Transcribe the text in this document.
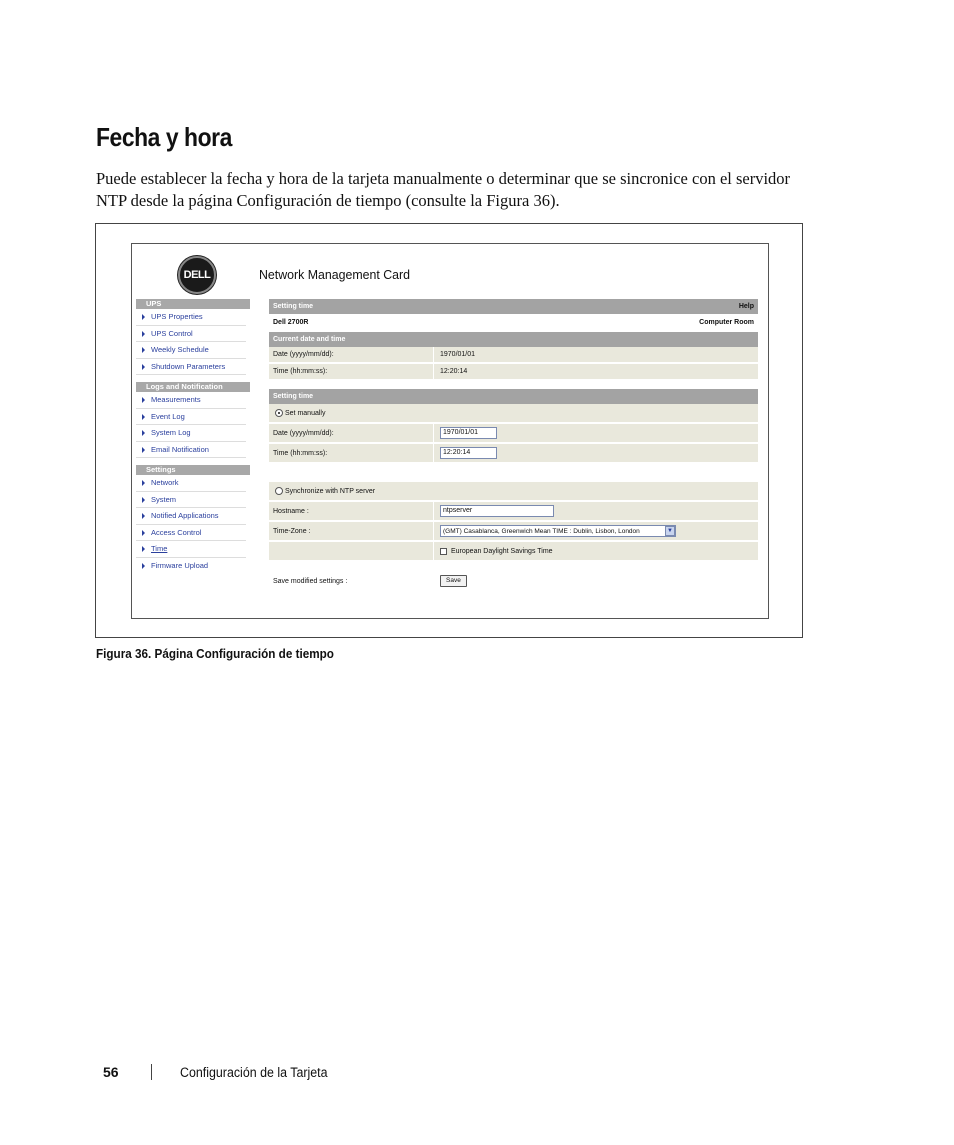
Fecha y hora
Puede establecer la fecha y hora de la tarjeta manualmente o determinar que se sincronice con el servidor NTP desde la página Configuración de tiempo (consulte la Figura 36).
DELL	Network Management Card
UPS
UPS Properties
UPS Control
Weekly Schedule
Shutdown Parameters
Logs and Notification
Measurements
Event Log
System Log
Email Notification
Settings
Network
System
Notified Applications
Access Control
Time
Firmware Upload
Setting time	Help
Dell 2700R	Computer Room
Current date and time
Date (yyyy/mm/dd):	1970/01/01
Time (hh:mm:ss):	12:20:14
Setting time
Set manually
Date (yyyy/mm/dd):	1970/01/01
Time (hh:mm:ss):	12:20:14
Synchronize with NTP server
Hostname :	ntpserver
Time-Zone :	(GMT) Casablanca, Greenwich Mean TIME : Dublin, Lisbon, London	▼
European Daylight Savings Time
Save modified settings :	Save
Figura 36. Página Configuración de tiempo
56	Configuración de la Tarjeta
